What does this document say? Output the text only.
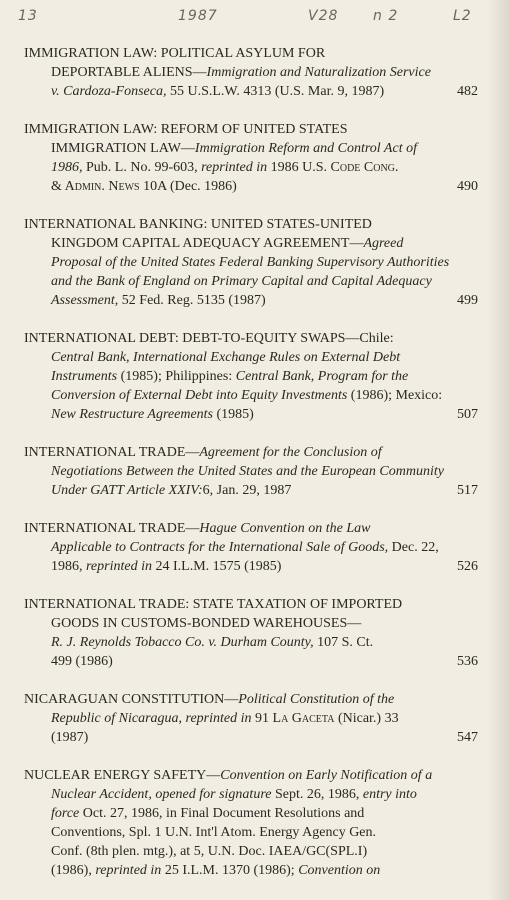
13	1987	V28 n 2	L2
IMMIGRATION LAW: POLITICAL ASYLUM FOR
DEPORTABLE ALIENS—Immigration and Naturalization Service
v. Cardoza-Fonseca, 55 U.S.L.W. 4313 (U.S. Mar. 9, 1987)	482
IMMIGRATION LAW: REFORM OF UNITED STATES
IMMIGRATION LAW—Immigration Reform and Control Act of
1986, Pub. L. No. 99-603, reprinted in 1986 U.S. Code Cong.
& Admin. News 10A (Dec. 1986)	490
INTERNATIONAL BANKING: UNITED STATES-UNITED
KINGDOM CAPITAL ADEQUACY AGREEMENT—Agreed
Proposal of the United States Federal Banking Supervisory Authorities
and the Bank of England on Primary Capital and Capital Adequacy
Assessment, 52 Fed. Reg. 5135 (1987)	499
INTERNATIONAL DEBT: DEBT-TO-EQUITY SWAPS—Chile:
Central Bank, International Exchange Rules on External Debt
Instruments (1985); Philippines: Central Bank, Program for the
Conversion of External Debt into Equity Investments (1986); Mexico:
New Restructure Agreements (1985)	507
INTERNATIONAL TRADE—Agreement for the Conclusion of
Negotiations Between the United States and the European Community
Under GATT Article XXIV:6, Jan. 29, 1987	517
INTERNATIONAL TRADE—Hague Convention on the Law
Applicable to Contracts for the International Sale of Goods, Dec. 22,
1986, reprinted in 24 I.L.M. 1575 (1985)	526
INTERNATIONAL TRADE: STATE TAXATION OF IMPORTED
GOODS IN CUSTOMS-BONDED WAREHOUSES—
R. J. Reynolds Tobacco Co. v. Durham County, 107 S. Ct.
499 (1986)	536
NICARAGUAN CONSTITUTION—Political Constitution of the
Republic of Nicaragua, reprinted in 91 La Gaceta (Nicar.) 33
(1987)	547
NUCLEAR ENERGY SAFETY—Convention on Early Notification of a
Nuclear Accident, opened for signature Sept. 26, 1986, entry into
force Oct. 27, 1986, in Final Document Resolutions and
Conventions, Spl. 1 U.N. Int'l Atom. Energy Agency Gen.
Conf. (8th plen. mtg.), at 5, U.N. Doc. IAEA/GC(SPL.I)
(1986), reprinted in 25 I.L.M. 1370 (1986); Convention on
